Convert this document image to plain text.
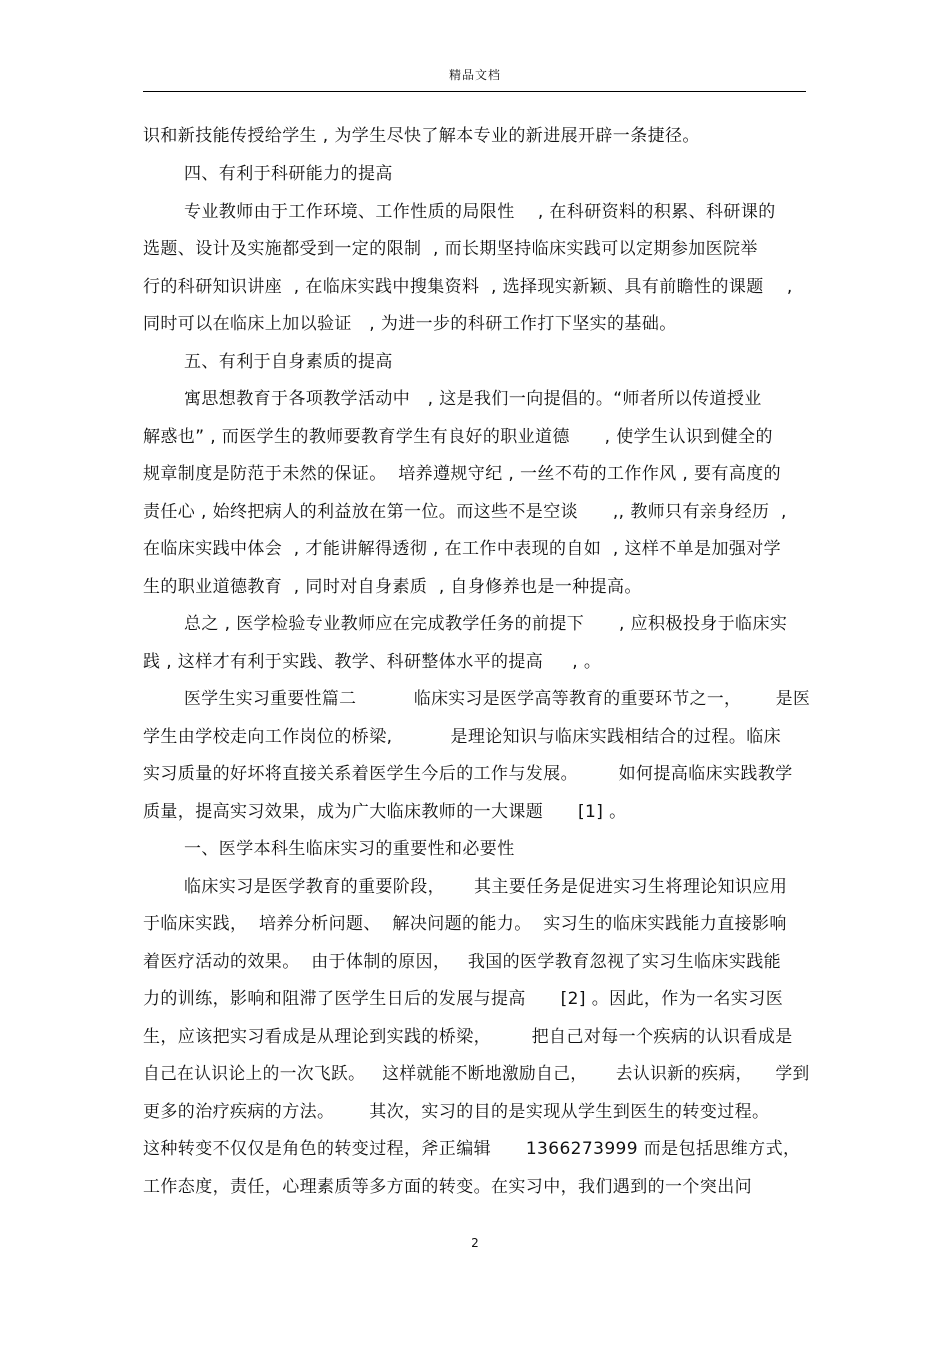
精品文档
识和新技能传授给学生 , 为学生尽快了解本专业的新进展开辟一条捷径。
四、有利于科研能力的提高
专业教师由于工作环境、工作性质的局限性    , 在科研资料的积累、科研课的
选题、设计及实施都受到一定的限制  , 而长期坚持临床实践可以定期参加医院举
行的科研知识讲座  , 在临床实践中搜集资料  , 选择现实新颖、具有前瞻性的课题    ,
同时可以在临床上加以验证   , 为进一步的科研工作打下坚实的基础。
五、有利于自身素质的提高
寓思想教育于各项教学活动中   , 这是我们一向提倡的。“师者所以传道授业
解惑也” , 而医学生的教师要教育学生有良好的职业道德      , 使学生认识到健全的
规章制度是防范于未然的保证。  培养遵规守纪 , 一丝不苟的工作作风 , 要有高度的
责任心 , 始终把病人的利益放在第一位。而这些不是空谈      ,, 教师只有亲身经历  ,
在临床实践中体会  , 才能讲解得透彻 , 在工作中表现的自如  , 这样不单是加强对学
生的职业道德教育  , 同时对自身素质  , 自身修养也是一种提高。
总之 , 医学检验专业教师应在完成教学任务的前提下      , 应积极投身于临床实
践 , 这样才有利于实践、教学、科研整体水平的提高     , 。
医学生实习重要性篇二          临床实习是医学高等教育的重要环节之一，      是医
学生由学校走向工作岗位的桥梁,          是理论知识与临床实践相结合的过程。临床
实习质量的好坏将直接关系着医学生今后的工作与发展。       如何提高临床实践教学
质量，提高实习效果，成为广大临床教师的一大课题      [1] 。
一、医学本科生临床实习的重要性和必要性
临床实习是医学教育的重要阶段，     其主要任务是促进实习生将理论知识应用
于临床实践，  培养分析问题、  解决问题的能力。  实习生的临床实践能力直接影响
着医疗活动的效果。  由于体制的原因，   我国的医学教育忽视了实习生临床实践能
力的训练，影响和阻滞了医学生日后的发展与提高      [2] 。因此，作为一名实习医
生，应该把实习看成是从理论到实践的桥梁，       把自己对每一个疾病的认识看成是
自己在认识论上的一次飞跃。   这样就能不断地激励自己，     去认识新的疾病，    学到
更多的治疗疾病的方法。      其次，实习的目的是实现从学生到医生的转变过程。
这种转变不仅仅是角色的转变过程，斧正编辑      1366273999 而是包括思维方式，
工作态度，责任，心理素质等多方面的转变。在实习中，我们遇到的一个突出问
2
